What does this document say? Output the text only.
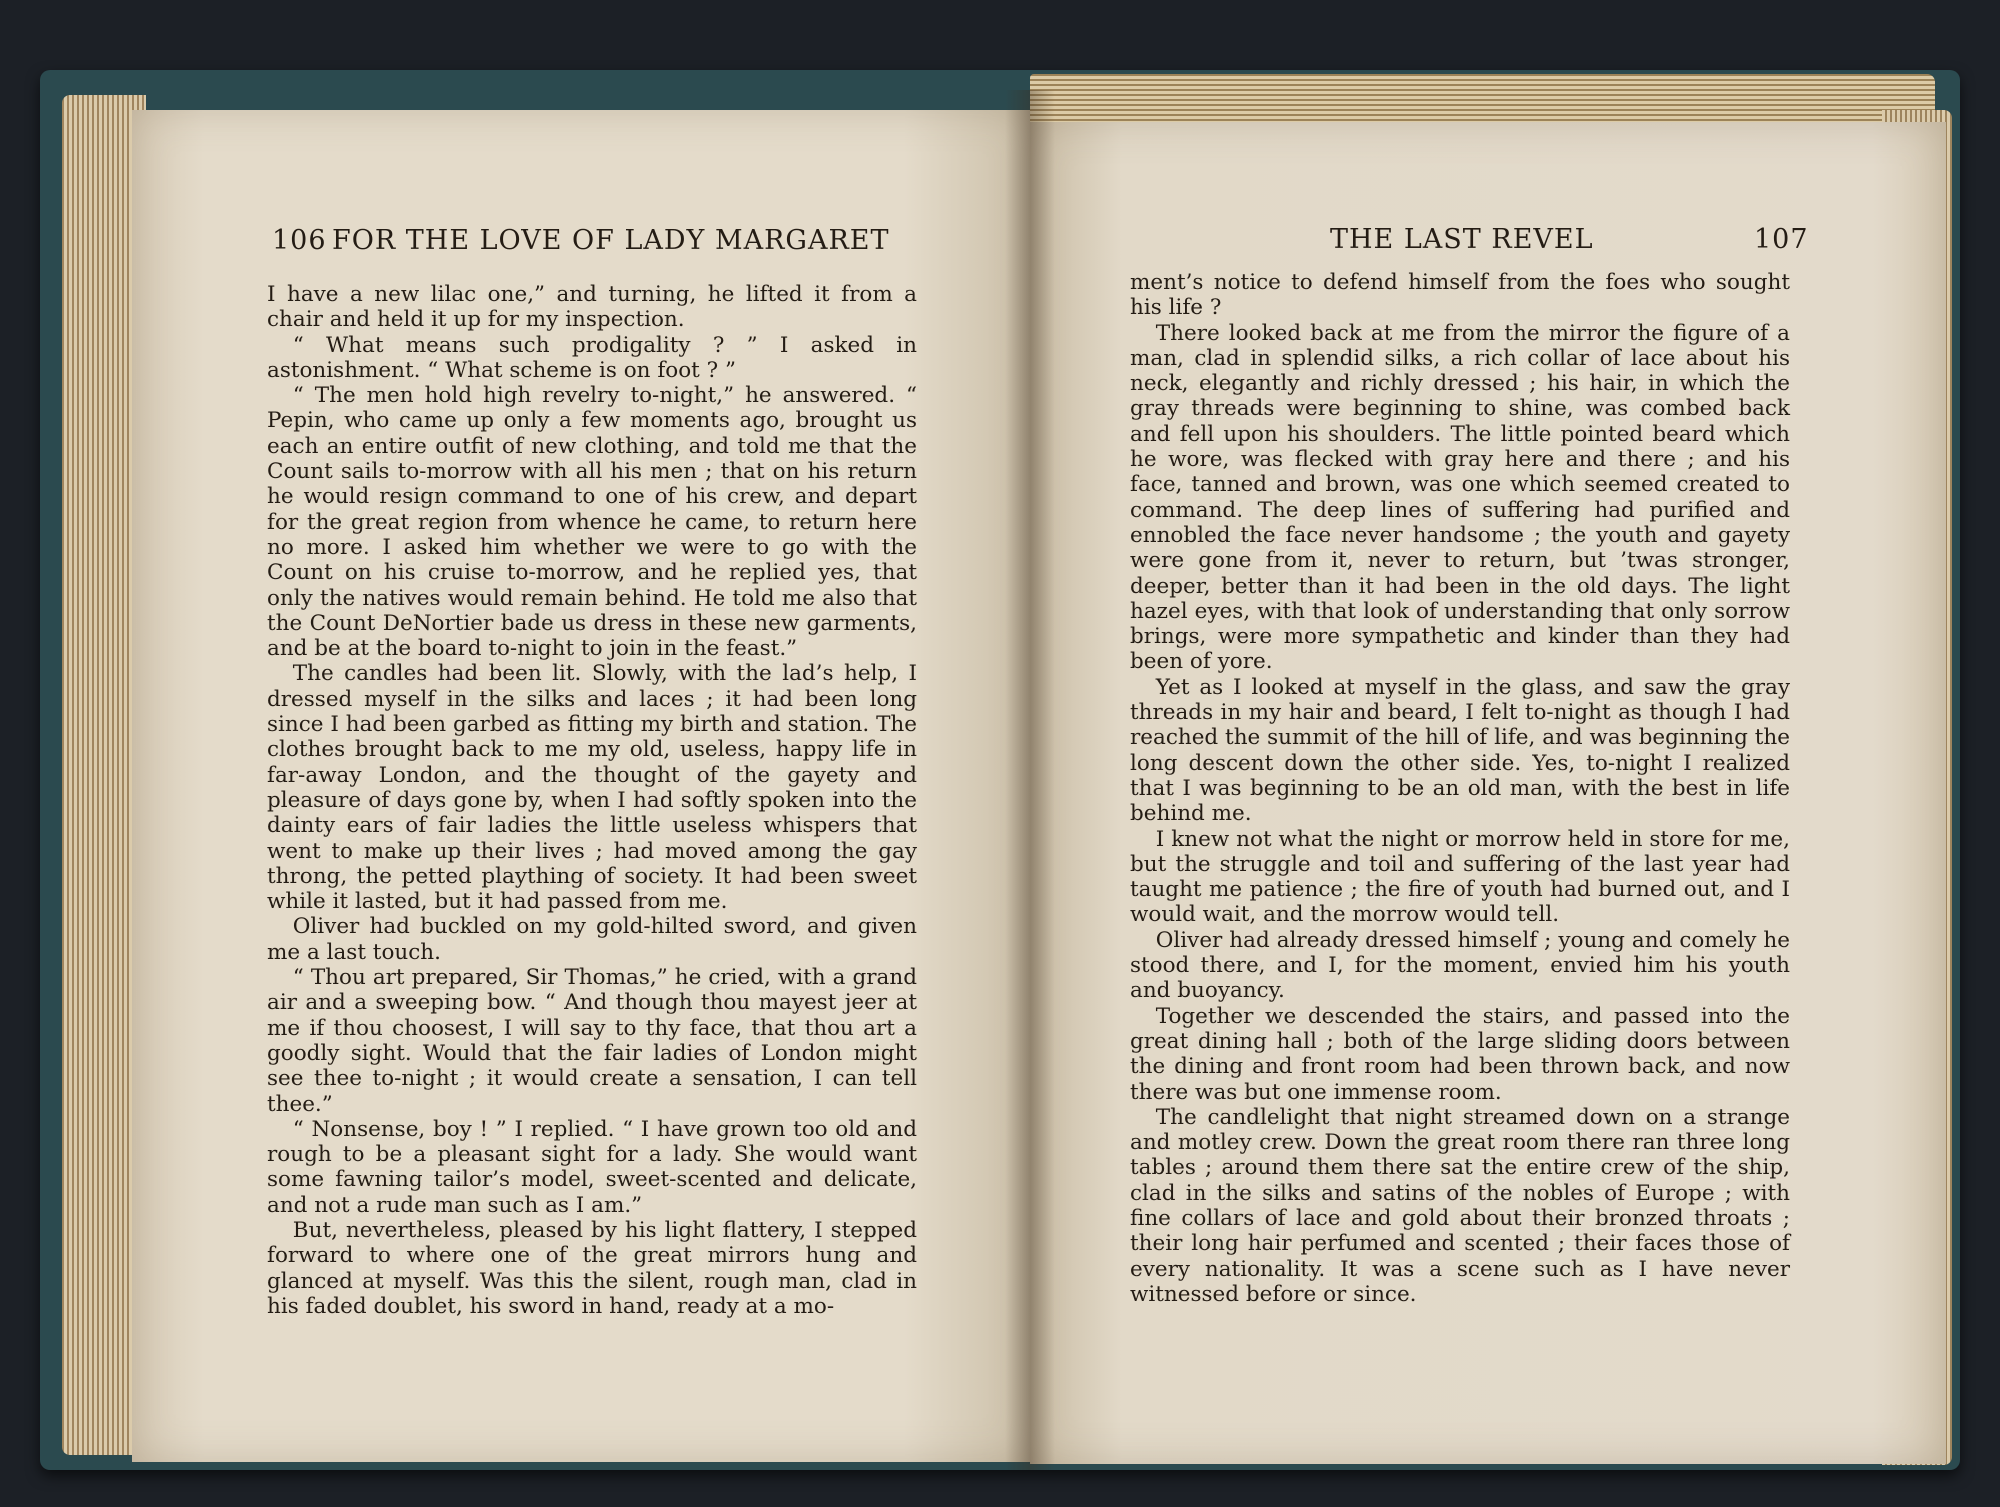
106 FOR THE LOVE OF LADY MARGARET

I have a new lilac one,” and turning, he lifted it from a chair and held it up for my inspection.

“ What means such prodigality ? ” I asked in astonishment. “ What scheme is on foot ? ”

“ The men hold high revelry to-night,” he answered. “ Pepin, who came up only a few moments ago, brought us each an entire outfit of new clothing, and told me that the Count sails to-morrow with all his men ; that on his return he would resign command to one of his crew, and depart for the great region from whence he came, to return here no more. I asked him whether we were to go with the Count on his cruise to-morrow, and he replied yes, that only the natives would remain behind. He told me also that the Count DeNortier bade us dress in these new garments, and be at the board to-night to join in the feast.”

The candles had been lit. Slowly, with the lad’s help, I dressed myself in the silks and laces ; it had been long since I had been garbed as fitting my birth and station. The clothes brought back to me my old, useless, happy life in far-away London, and the thought of the gayety and pleasure of days gone by, when I had softly spoken into the dainty ears of fair ladies the little useless whispers that went to make up their lives ; had moved among the gay throng, the petted plaything of society. It had been sweet while it lasted, but it had passed from me.

Oliver had buckled on my gold-hilted sword, and given me a last touch.

“ Thou art prepared, Sir Thomas,” he cried, with a grand air and a sweeping bow. “ And though thou mayest jeer at me if thou choosest, I will say to thy face, that thou art a goodly sight. Would that the fair ladies of London might see thee to-night ; it would create a sensation, I can tell thee.”

“ Nonsense, boy ! ” I replied. “ I have grown too old and rough to be a pleasant sight for a lady. She would want some fawning tailor’s model, sweet-scented and delicate, and not a rude man such as I am.”

But, nevertheless, pleased by his light flattery, I stepped forward to where one of the great mirrors hung and glanced at myself. Was this the silent, rough man, clad in his faded doublet, his sword in hand, ready at a mo-

THE LAST REVEL	107

ment’s notice to defend himself from the foes who sought his life ?

There looked back at me from the mirror the figure of a man, clad in splendid silks, a rich collar of lace about his neck, elegantly and richly dressed ; his hair, in which the gray threads were beginning to shine, was combed back and fell upon his shoulders. The little pointed beard which he wore, was flecked with gray here and there ; and his face, tanned and brown, was one which seemed created to command. The deep lines of suffering had purified and ennobled the face never handsome ; the youth and gayety were gone from it, never to return, but ’twas stronger, deeper, better than it had been in the old days. The light hazel eyes, with that look of understanding that only sorrow brings, were more sympathetic and kinder than they had been of yore.

Yet as I looked at myself in the glass, and saw the gray threads in my hair and beard, I felt to-night as though I had reached the summit of the hill of life, and was beginning the long descent down the other side. Yes, to-night I realized that I was beginning to be an old man, with the best in life behind me.

I knew not what the night or morrow held in store for me, but the struggle and toil and suffering of the last year had taught me patience ; the fire of youth had burned out, and I would wait, and the morrow would tell.

Oliver had already dressed himself ; young and comely he stood there, and I, for the moment, envied him his youth and buoyancy.

Together we descended the stairs, and passed into the great dining hall ; both of the large sliding doors between the dining and front room had been thrown back, and now there was but one immense room.

The candlelight that night streamed down on a strange and motley crew. Down the great room there ran three long tables ; around them there sat the entire crew of the ship, clad in the silks and satins of the nobles of Europe ; with fine collars of lace and gold about their bronzed throats ; their long hair perfumed and scented ; their faces those of every nationality. It was a scene such as I have never witnessed before or since.
